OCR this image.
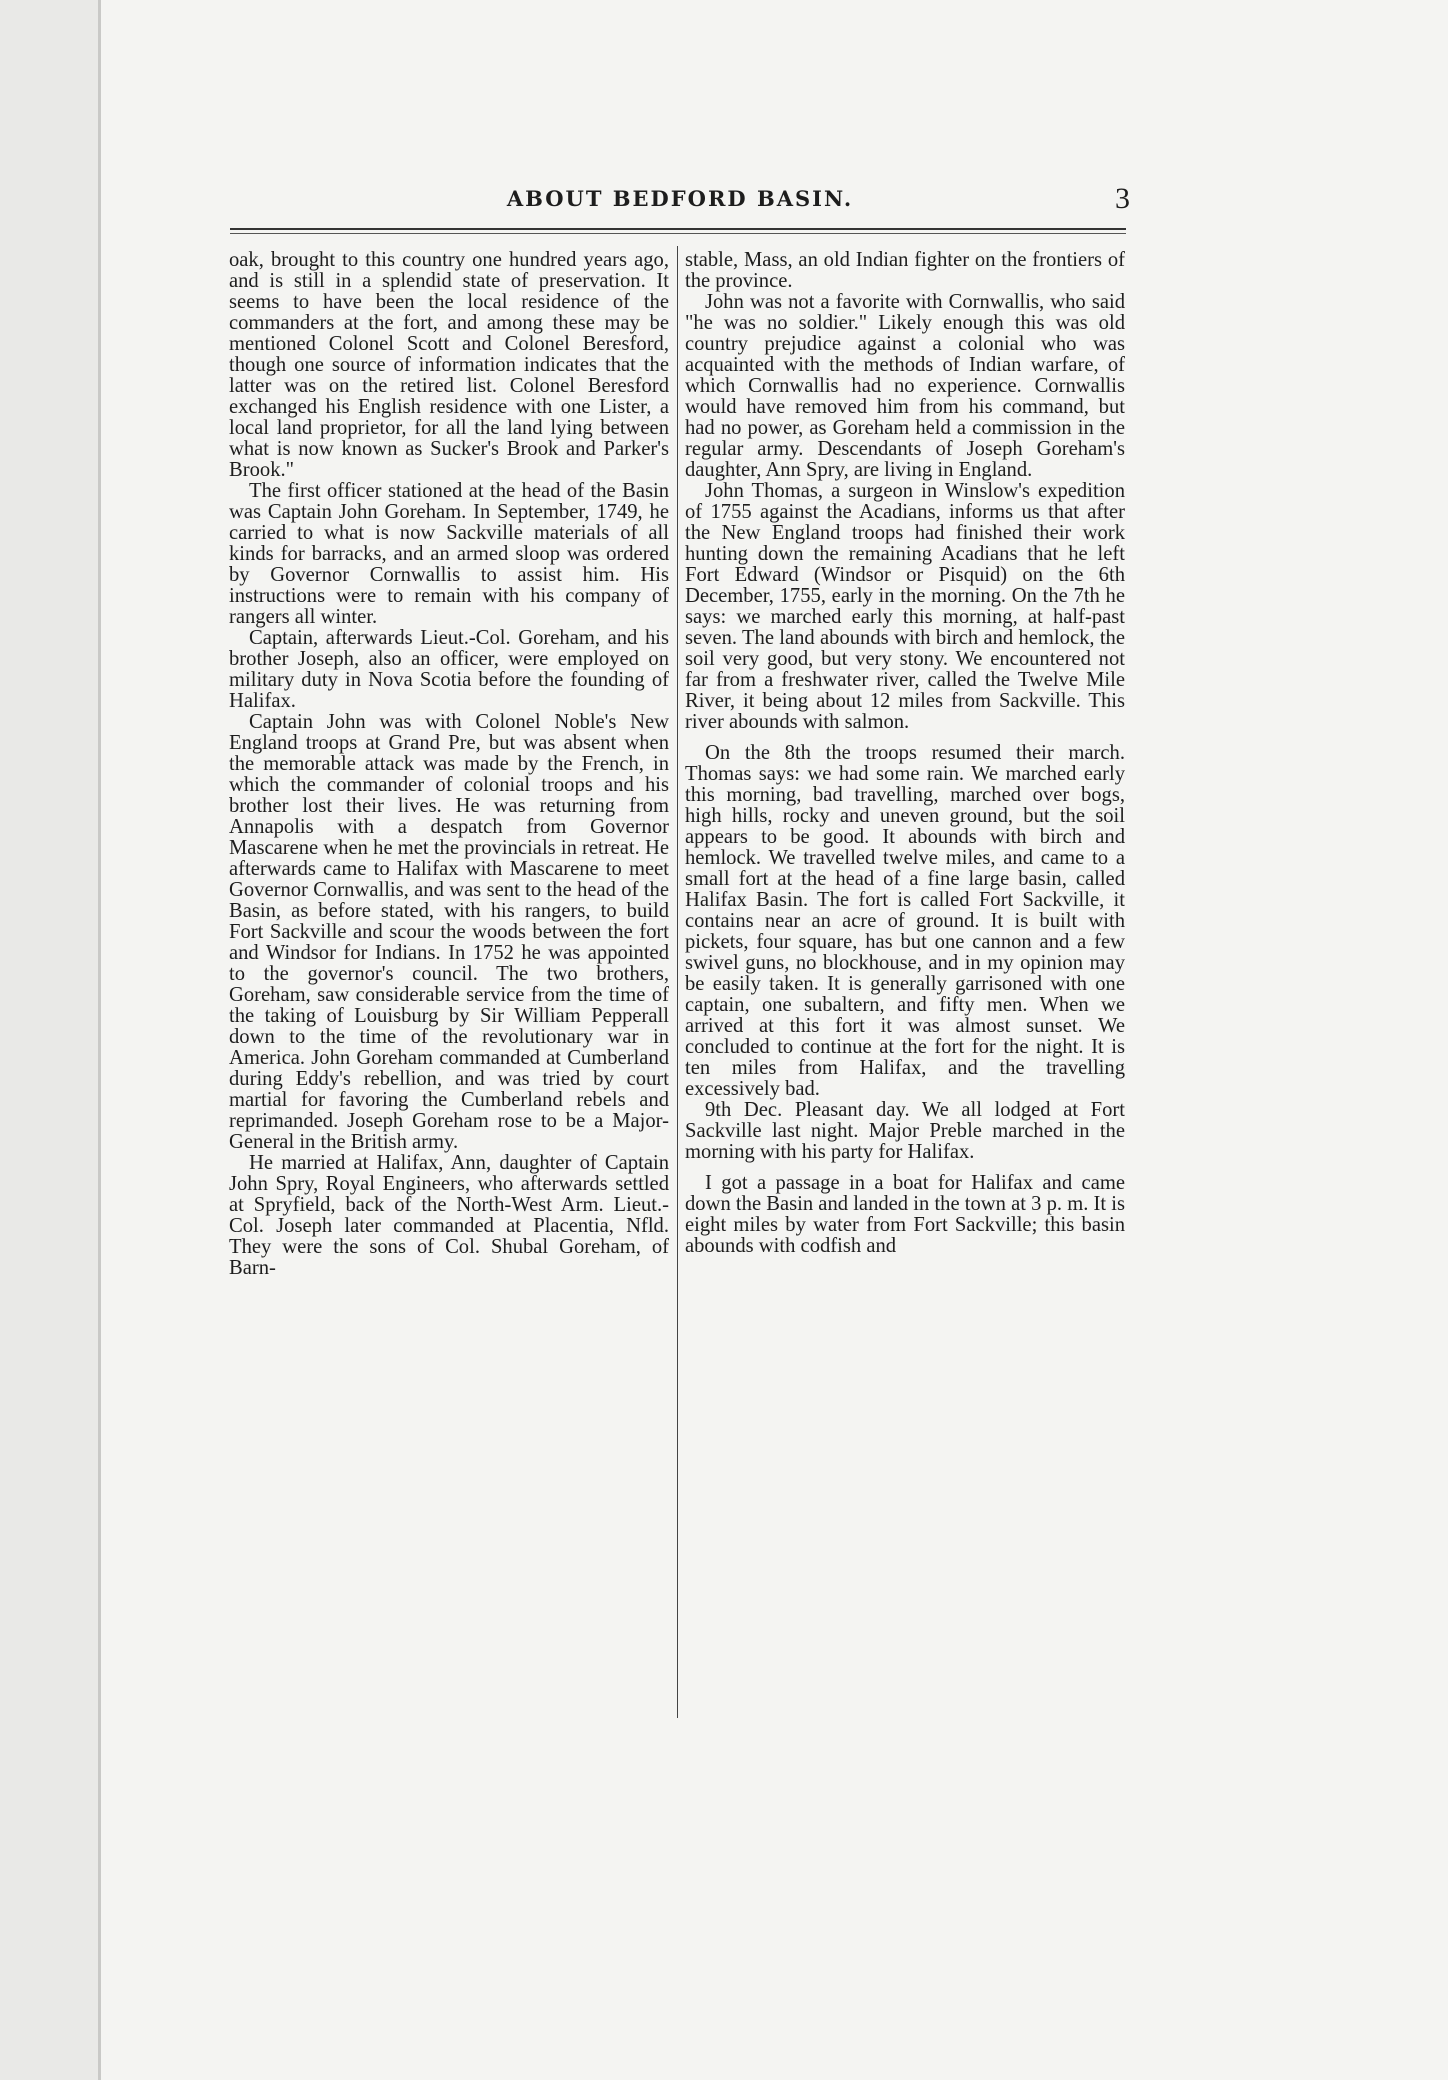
ABOUT BEDFORD BASIN.	3

oak, brought to this country one hundred years ago, and is still in a splendid state of preservation. It seems to have been the local residence of the commanders at the fort, and among these may be mentioned Colonel Scott and Colonel Beresford, though one source of information indicates that the latter was on the retired list. Colonel Beresford exchanged his English residence with one Lister, a local land proprietor, for all the land lying between what is now known as Sucker's Brook and Parker's Brook."

The first officer stationed at the head of the Basin was Captain John Goreham. In September, 1749, he carried to what is now Sackville materials of all kinds for barracks, and an armed sloop was ordered by Governor Cornwallis to assist him. His instructions were to remain with his company of rangers all winter.

Captain, afterwards Lieut.-Col. Goreham, and his brother Joseph, also an officer, were employed on military duty in Nova Scotia before the founding of Halifax.

Captain John was with Colonel Noble's New England troops at Grand Pre, but was absent when the memorable attack was made by the French, in which the commander of colonial troops and his brother lost their lives. He was returning from Annapolis with a despatch from Governor Mascarene when he met the provincials in retreat. He afterwards came to Halifax with Mascarene to meet Governor Cornwallis, and was sent to the head of the Basin, as before stated, with his rangers, to build Fort Sackville and scour the woods between the fort and Windsor for Indians. In 1752 he was appointed to the governor's council. The two brothers, Goreham, saw considerable service from the time of the taking of Louisburg by Sir William Pepperall down to the time of the revolutionary war in America. John Goreham commanded at Cumberland during Eddy's rebellion, and was tried by court martial for favoring the Cumberland rebels and reprimanded. Joseph Goreham rose to be a Major-General in the British army.

He married at Halifax, Ann, daughter of Captain John Spry, Royal Engineers, who afterwards settled at Spryfield, back of the North-West Arm. Lieut.-Col. Joseph later commanded at Placentia, Nfld. They were the sons of Col. Shubal Goreham, of Barn-

stable, Mass, an old Indian fighter on the frontiers of the province.

John was not a favorite with Cornwallis, who said "he was no soldier." Likely enough this was old country prejudice against a colonial who was acquainted with the methods of Indian warfare, of which Cornwallis had no experience. Cornwallis would have removed him from his command, but had no power, as Goreham held a commission in the regular army. Descendants of Joseph Goreham's daughter, Ann Spry, are living in England.

John Thomas, a surgeon in Winslow's expedition of 1755 against the Acadians, informs us that after the New England troops had finished their work hunting down the remaining Acadians that he left Fort Edward (Windsor or Pisquid) on the 6th December, 1755, early in the morning. On the 7th he says: we marched early this morning, at half-past seven. The land abounds with birch and hemlock, the soil very good, but very stony. We encountered not far from a freshwater river, called the Twelve Mile River, it being about 12 miles from Sackville. This river abounds with salmon.

On the 8th the troops resumed their march. Thomas says: we had some rain. We marched early this morning, bad travelling, marched over bogs, high hills, rocky and uneven ground, but the soil appears to be good. It abounds with birch and hemlock. We travelled twelve miles, and came to a small fort at the head of a fine large basin, called Halifax Basin. The fort is called Fort Sackville, it contains near an acre of ground. It is built with pickets, four square, has but one cannon and a few swivel guns, no blockhouse, and in my opinion may be easily taken. It is generally garrisoned with one captain, one subaltern, and fifty men. When we arrived at this fort it was almost sunset. We concluded to continue at the fort for the night. It is ten miles from Halifax, and the travelling excessively bad.

9th Dec. Pleasant day. We all lodged at Fort Sackville last night. Major Preble marched in the morning with his party for Halifax.

I got a passage in a boat for Halifax and came down the Basin and landed in the town at 3 p. m. It is eight miles by water from Fort Sackville; this basin abounds with codfish and
